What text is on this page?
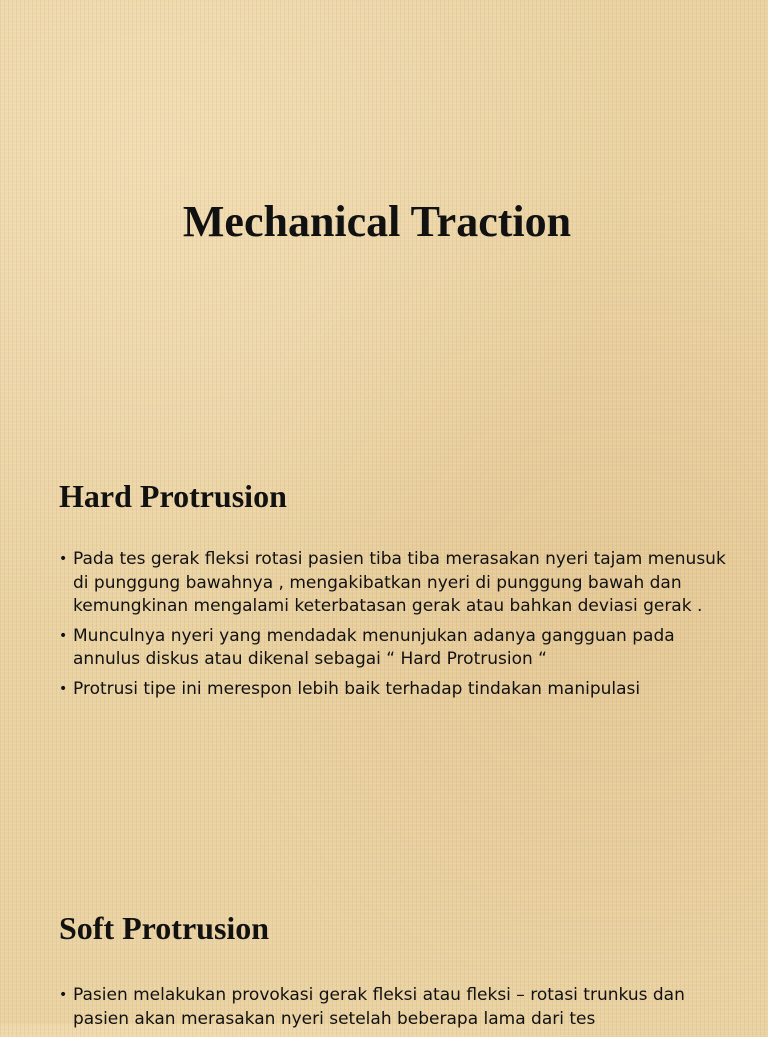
Mechanical Traction
Hard Protrusion
• Pada tes gerak fleksi rotasi pasien tiba tiba merasakan nyeri tajam menusuk di punggung bawahnya , mengakibatkan nyeri di punggung bawah dan kemungkinan mengalami keterbatasan gerak atau bahkan deviasi gerak .
• Munculnya nyeri yang mendadak menunjukan adanya gangguan pada annulus diskus atau dikenal sebagai “ Hard Protrusion “
• Protrusi tipe ini merespon lebih baik terhadap tindakan manipulasi
Soft Protrusion
• Pasien melakukan provokasi gerak fleksi atau fleksi – rotasi trunkus dan pasien akan merasakan nyeri setelah beberapa lama dari tes
